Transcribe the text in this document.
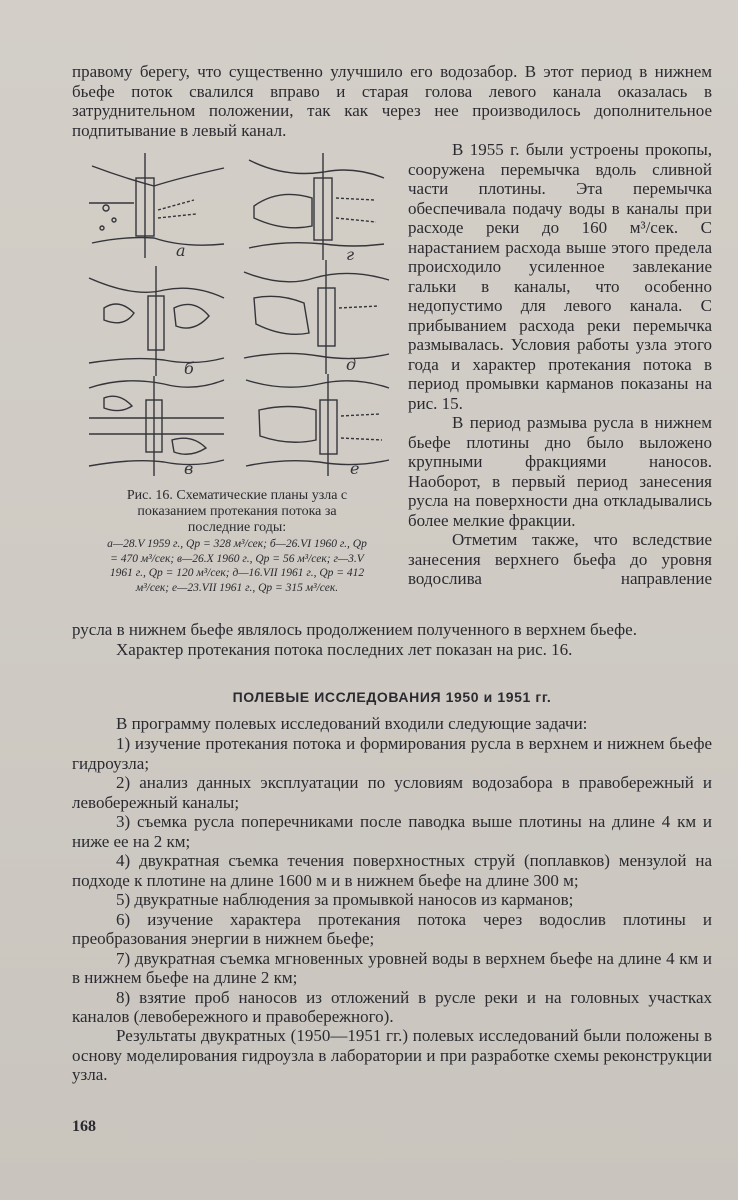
правому берегу, что существенно улучшило его водозабор. В этот период в нижнем бьефе поток свалился вправо и старая голова левого канала оказалась в затруднительном положении, так как через нее производилось дополнительное подпитывание в левый канал.

а	г
б	д
в	е
Рис. 16. Схематические планы узла с показанием протекания потока за последние годы:
а—28.V 1959 г., Qр = 328 м³/сек; б—26.VI 1960 г., Qр = 470 м³/сек; в—26.X 1960 г., Qр = 56 м³/сек; г—3.V 1961 г., Qр = 120 м³/сек; д—16.VII 1961 г., Qр = 412 м³/сек; е—23.VII 1961 г., Qр = 315 м³/сек.

В 1955 г. были устроены прокопы, сооружена перемычка вдоль сливной части плотины. Эта перемычка обеспечивала подачу воды в каналы при расходе реки до 160 м³/сек. С нарастанием расхода выше этого предела происходило усиленное завлекание гальки в каналы, что особенно недопустимо для левого канала. С прибыванием расхода реки перемычка размывалась. Условия работы узла этого года и характер протекания потока в период промывки карманов показаны на рис. 15.

В период размыва русла в нижнем бьефе плотины дно было выложено крупными фракциями наносов. Наоборот, в первый период занесения русла на поверхности дна откладывались более мелкие фракции.

Отметим также, что вследствие занесения верхнего бьефа до уровня водослива направление

русла в нижнем бьефе являлось продолжением полученного в верхнем бьефе.

Характер протекания потока последних лет показан на рис. 16.

ПОЛЕВЫЕ ИССЛЕДОВАНИЯ 1950 и 1951 гг.

В программу полевых исследований входили следующие задачи:

1) изучение протекания потока и формирования русла в верхнем и нижнем бьефе гидроузла;

2) анализ данных эксплуатации по условиям водозабора в правобережный и левобережный каналы;

3) съемка русла поперечниками после паводка выше плотины на длине 4 км и ниже ее на 2 км;

4) двукратная съемка течения поверхностных струй (поплавков) мензулой на подходе к плотине на длине 1600 м и в нижнем бьефе на длине 300 м;

5) двукратные наблюдения за промывкой наносов из карманов;

6) изучение характера протекания потока через водослив плотины и преобразования энергии в нижнем бьефе;

7) двукратная съемка мгновенных уровней воды в верхнем бьефе на длине 4 км и в нижнем бьефе на длине 2 км;

8) взятие проб наносов из отложений в русле реки и на головных участках каналов (левобережного и правобережного).

Результаты двукратных (1950—1951 гг.) полевых исследований были положены в основу моделирования гидроузла в лаборатории и при разработке схемы реконструкции узла.

168
